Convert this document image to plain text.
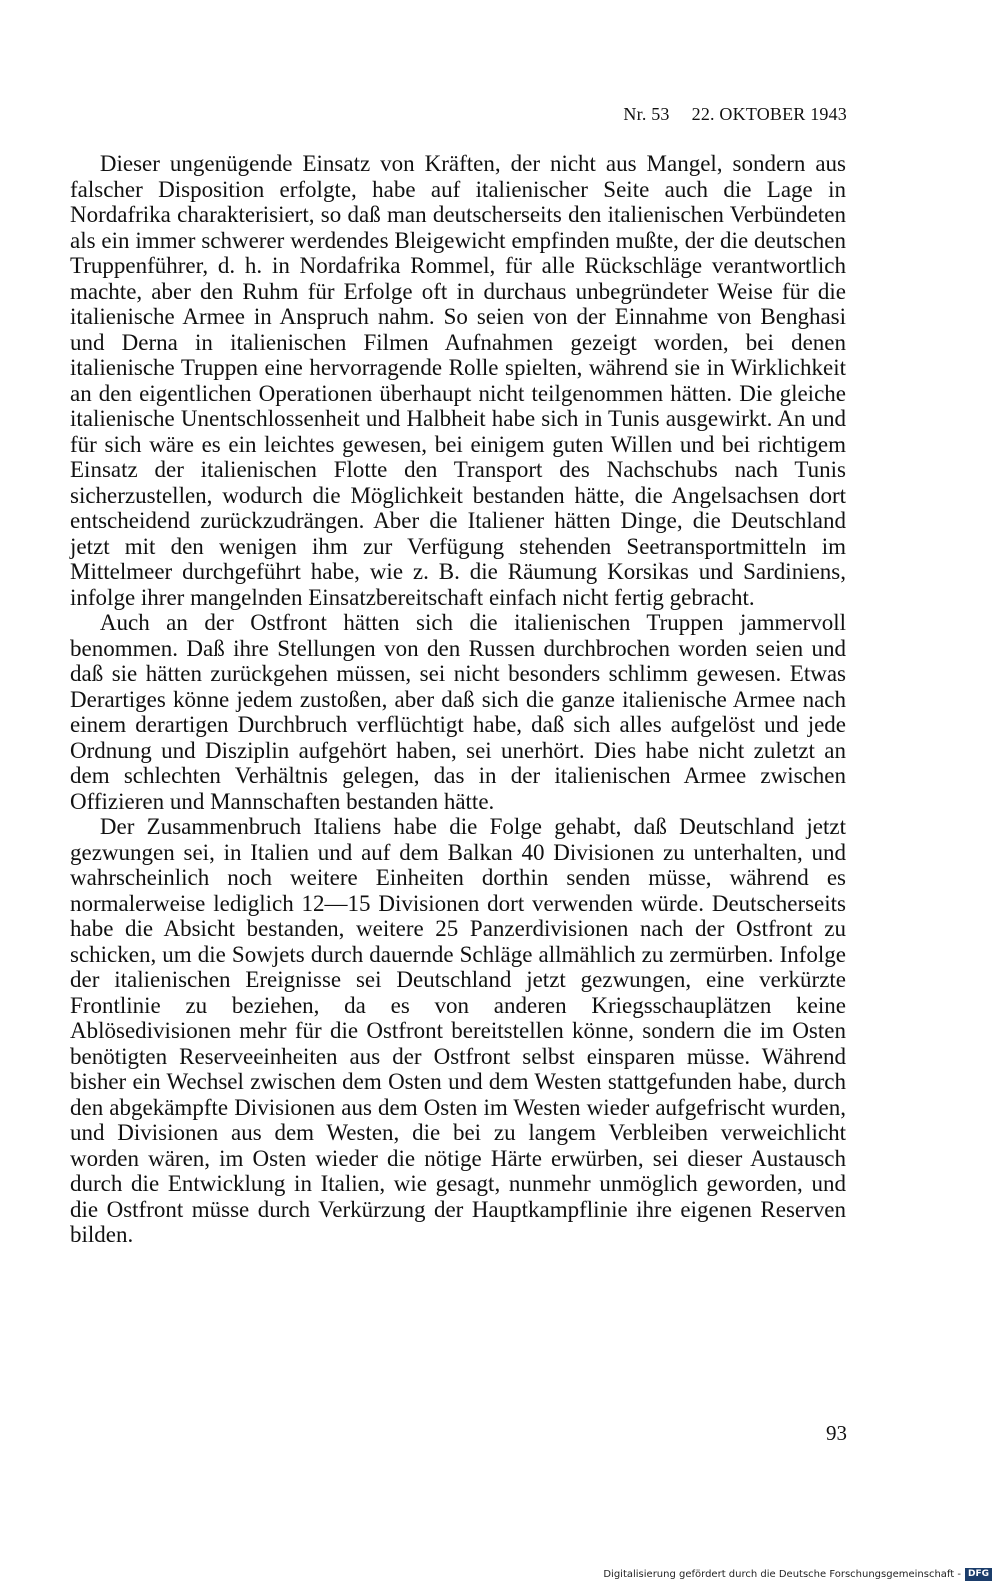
Nr. 53 22. OKTOBER 1943

Dieser ungenügende Einsatz von Kräften, der nicht aus Mangel, sondern aus falscher Disposition erfolgte, habe auf italienischer Seite auch die Lage in Nordafrika charakterisiert, so daß man deutscherseits den italienischen Verbündeten als ein immer schwerer werdendes Bleigewicht empfinden mußte, der die deutschen Truppenführer, d. h. in Nordafrika Rommel, für alle Rückschläge verantwortlich machte, aber den Ruhm für Erfolge oft in durchaus unbegründeter Weise für die italienische Armee in Anspruch nahm. So seien von der Einnahme von Benghasi und Derna in italienischen Filmen Aufnahmen gezeigt worden, bei denen italienische Truppen eine hervorragende Rolle spielten, während sie in Wirklichkeit an den eigentlichen Operationen überhaupt nicht teilgenommen hätten. Die gleiche italienische Unentschlossenheit und Halbheit habe sich in Tunis ausgewirkt. An und für sich wäre es ein leichtes gewesen, bei einigem guten Willen und bei richtigem Einsatz der italienischen Flotte den Transport des Nachschubs nach Tunis sicherzustellen, wodurch die Möglichkeit bestanden hätte, die Angelsachsen dort entscheidend zurückzudrängen. Aber die Italiener hätten Dinge, die Deutschland jetzt mit den wenigen ihm zur Verfügung stehenden Seetransportmitteln im Mittelmeer durchgeführt habe, wie z. B. die Räumung Korsikas und Sardiniens, infolge ihrer mangelnden Einsatzbereitschaft einfach nicht fertig gebracht.

Auch an der Ostfront hätten sich die italienischen Truppen jammervoll benommen. Daß ihre Stellungen von den Russen durchbrochen worden seien und daß sie hätten zurückgehen müssen, sei nicht besonders schlimm gewesen. Etwas Derartiges könne jedem zustoßen, aber daß sich die ganze italienische Armee nach einem derartigen Durchbruch verflüchtigt habe, daß sich alles aufgelöst und jede Ordnung und Disziplin aufgehört haben, sei unerhört. Dies habe nicht zuletzt an dem schlechten Verhältnis gelegen, das in der italienischen Armee zwischen Offizieren und Mannschaften bestanden hätte.

Der Zusammenbruch Italiens habe die Folge gehabt, daß Deutschland jetzt gezwungen sei, in Italien und auf dem Balkan 40 Divisionen zu unterhalten, und wahrscheinlich noch weitere Einheiten dorthin senden müsse, während es normalerweise lediglich 12—15 Divisionen dort verwenden würde. Deutscherseits habe die Absicht bestanden, weitere 25 Panzerdivisionen nach der Ostfront zu schicken, um die Sowjets durch dauernde Schläge allmählich zu zermürben. Infolge der italienischen Ereignisse sei Deutschland jetzt gezwungen, eine verkürzte Frontlinie zu beziehen, da es von anderen Kriegsschauplätzen keine Ablösedivisionen mehr für die Ostfront bereitstellen könne, sondern die im Osten benötigten Reserveeinheiten aus der Ostfront selbst einsparen müsse. Während bisher ein Wechsel zwischen dem Osten und dem Westen stattgefunden habe, durch den abgekämpfte Divisionen aus dem Osten im Westen wieder aufgefrischt wurden, und Divisionen aus dem Westen, die bei zu langem Verbleiben verweichlicht worden wären, im Osten wieder die nötige Härte erwürben, sei dieser Austausch durch die Entwicklung in Italien, wie gesagt, nunmehr unmöglich geworden, und die Ostfront müsse durch Verkürzung der Hauptkampflinie ihre eigenen Reserven bilden.

93
Digitalisierung gefördert durch die Deutsche Forschungsgemeinschaft - DFG
